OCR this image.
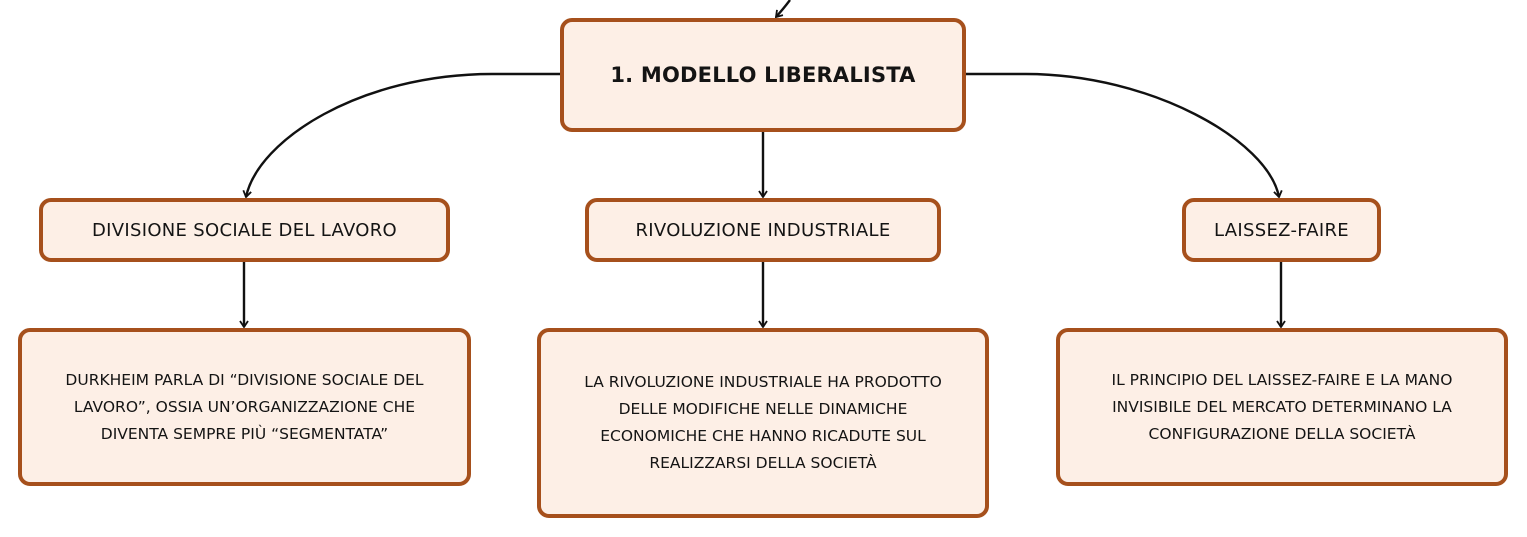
1. MODELLO LIBERALISTA
DIVISIONE SOCIALE DEL LAVORO	RIVOLUZIONE INDUSTRIALE	LAISSEZ-FAIRE
DURKHEIM PARLA DI “DIVISIONE SOCIALE DEL
LAVORO”, OSSIA UN’ORGANIZZAZIONE CHE
DIVENTA SEMPRE PIÙ “SEGMENTATA”
LA RIVOLUZIONE INDUSTRIALE HA PRODOTTO
DELLE MODIFICHE NELLE DINAMICHE
ECONOMICHE CHE HANNO RICADUTE SUL
REALIZZARSI DELLA SOCIETÀ
IL PRINCIPIO DEL LAISSEZ-FAIRE E LA MANO
INVISIBILE DEL MERCATO DETERMINANO LA
CONFIGURAZIONE DELLA SOCIETÀ
